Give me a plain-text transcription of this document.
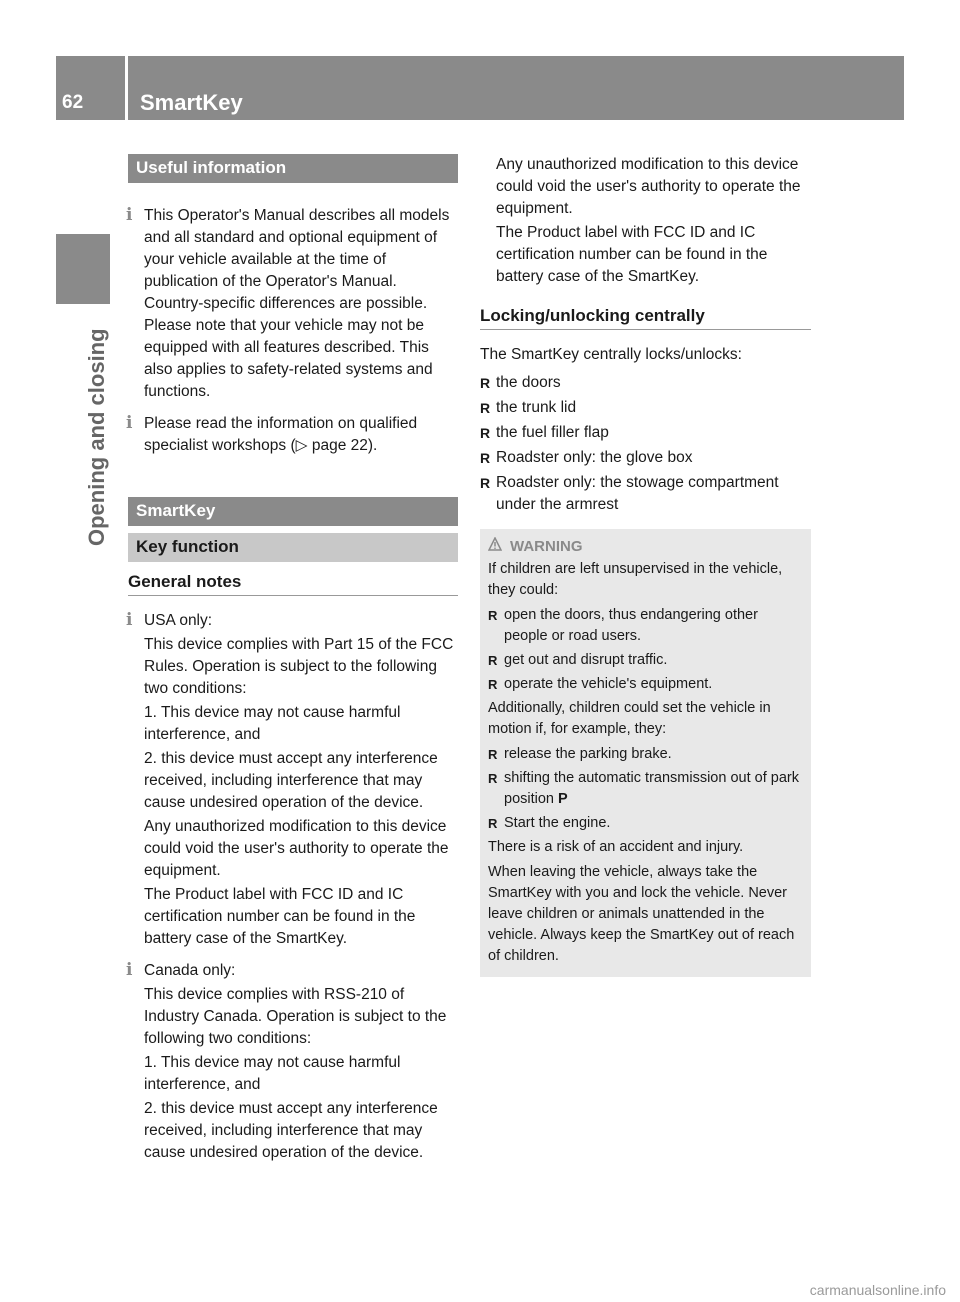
62	SmartKey
Opening and closing
Useful information
i This Operator's Manual describes all models and all standard and optional equipment of your vehicle available at the time of publication of the Operator's Manual. Country-specific differences are possible. Please note that your vehicle may not be equipped with all features described. This also applies to safety-related systems and functions.

i Please read the information on qualified specialist workshops (▷ page 22).

SmartKey
Key function
General notes
i USA only:

This device complies with Part 15 of the FCC Rules. Operation is subject to the following two conditions:

1. This device may not cause harmful interference, and

2. this device must accept any interference received, including interference that may cause undesired operation of the device.

Any unauthorized modification to this device could void the user's authority to operate the equipment.

The Product label with FCC ID and IC certification number can be found in the battery case of the SmartKey.

i Canada only:

This device complies with RSS-210 of Industry Canada. Operation is subject to the following two conditions:

1. This device may not cause harmful interference, and

2. this device must accept any interference received, including interference that may cause undesired operation of the device.

Any unauthorized modification to this device could void the user's authority to operate the equipment.

The Product label with FCC ID and IC certification number can be found in the battery case of the SmartKey.

Locking/unlocking centrally

The SmartKey centrally locks/unlocks:

R the doors
R the trunk lid
R the fuel filler flap
R Roadster only: the glove box
R Roadster only: the stowage compartment under the armrest
WARNING

If children are left unsupervised in the vehicle, they could:

R open the doors, thus endangering other people or road users.
R get out and disrupt traffic.
R operate the vehicle's equipment.

Additionally, children could set the vehicle in motion if, for example, they:

R release the parking brake.
R shifting the automatic transmission out of park position P
R Start the engine.

There is a risk of an accident and injury.

When leaving the vehicle, always take the SmartKey with you and lock the vehicle. Never leave children or animals unattended in the vehicle. Always keep the SmartKey out of reach of children.

carmanualsonline.info
